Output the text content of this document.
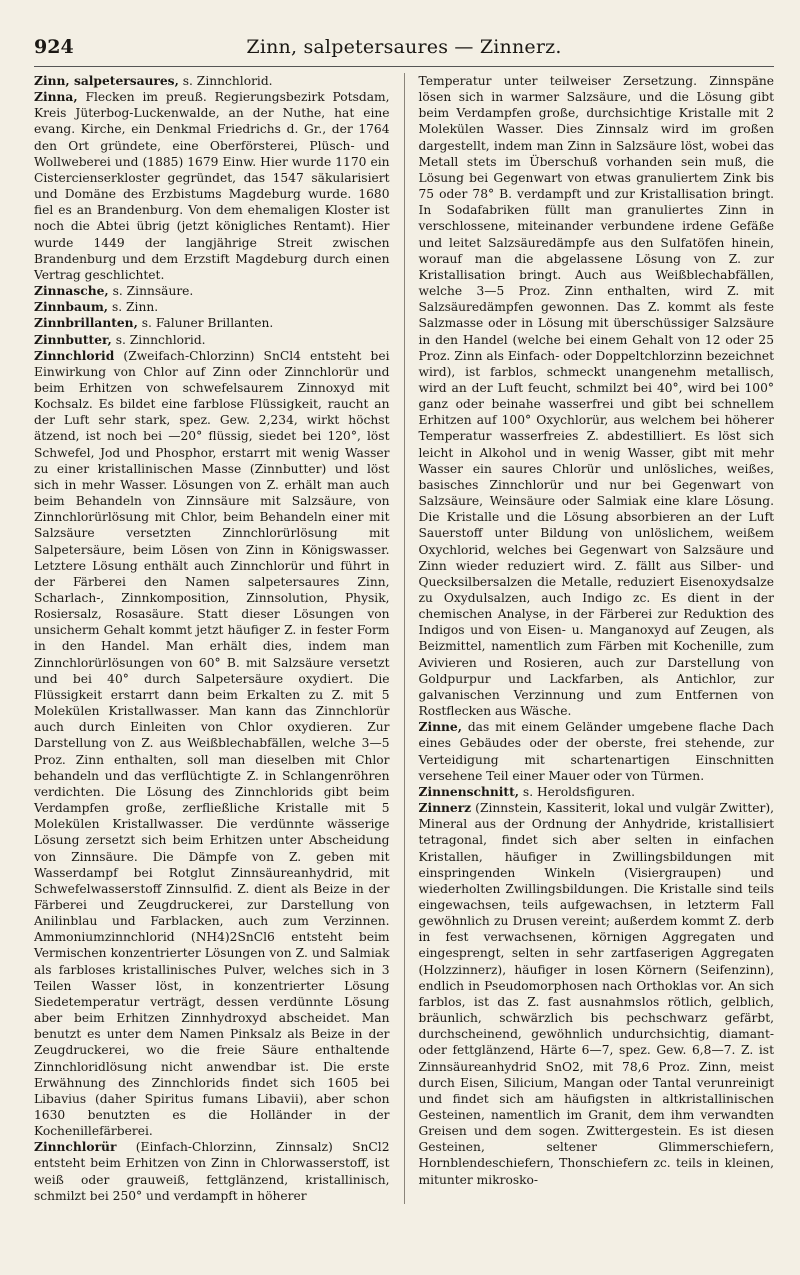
924	Zinn, salpetersaures — Zinnerz.

Zinn, salpetersaures, s. Zinnchlorid.

Zinna, Flecken im preuß. Regierungsbezirk Potsdam, Kreis Jüterbog-Luckenwalde, an der Nuthe, hat eine evang. Kirche, ein Denkmal Friedrichs d. Gr., der 1764 den Ort gründete, eine Oberförsterei, Plüsch- und Wollweberei und (1885) 1679 Einw. Hier wurde 1170 ein Cistercienserkloster gegründet, das 1547 säkularisiert und Domäne des Erzbistums Magdeburg wurde. 1680 fiel es an Brandenburg. Von dem ehemaligen Kloster ist noch die Abtei übrig (jetzt königliches Rentamt). Hier wurde 1449 der langjährige Streit zwischen Brandenburg und dem Erzstift Magdeburg durch einen Vertrag geschlichtet.

Zinnasche, s. Zinnsäure.

Zinnbaum, s. Zinn.

Zinnbrillanten, s. Faluner Brillanten.

Zinnbutter, s. Zinnchlorid.

Zinnchlorid (Zweifach-Chlorzinn) SnCl4 entsteht bei Einwirkung von Chlor auf Zinn oder Zinnchlorür und beim Erhitzen von schwefelsaurem Zinnoxyd mit Kochsalz. Es bildet eine farblose Flüssigkeit, raucht an der Luft sehr stark, spez. Gew. 2,234, wirkt höchst ätzend, ist noch bei —20° flüssig, siedet bei 120°, löst Schwefel, Jod und Phosphor, erstarrt mit wenig Wasser zu einer kristallinischen Masse (Zinnbutter) und löst sich in mehr Wasser. Lösungen von Z. erhält man auch beim Behandeln von Zinnsäure mit Salzsäure, von Zinnchlorürlösung mit Chlor, beim Behandeln einer mit Salzsäure versetzten Zinnchlorürlösung mit Salpetersäure, beim Lösen von Zinn in Königswasser. Letztere Lösung enthält auch Zinnchlorür und führt in der Färberei den Namen salpetersaures Zinn, Scharlach-, Zinnkomposition, Zinnsolution, Physik, Rosiersalz, Rosasäure. Statt dieser Lösungen von unsicherm Gehalt kommt jetzt häufiger Z. in fester Form in den Handel. Man erhält dies, indem man Zinnchlorürlösungen von 60° B. mit Salzsäure versetzt und bei 40° durch Salpetersäure oxydiert. Die Flüssigkeit erstarrt dann beim Erkalten zu Z. mit 5 Molekülen Kristallwasser. Man kann das Zinnchlorür auch durch Einleiten von Chlor oxydieren. Zur Darstellung von Z. aus Weißblechabfällen, welche 3—5 Proz. Zinn enthalten, soll man dieselben mit Chlor behandeln und das verflüchtigte Z. in Schlangenröhren verdichten. Die Lösung des Zinnchlorids gibt beim Verdampfen große, zerfließliche Kristalle mit 5 Molekülen Kristallwasser. Die verdünnte wässerige Lösung zersetzt sich beim Erhitzen unter Abscheidung von Zinnsäure. Die Dämpfe von Z. geben mit Wasserdampf bei Rotglut Zinnsäureanhydrid, mit Schwefelwasserstoff Zinnsulfid. Z. dient als Beize in der Färberei und Zeugdruckerei, zur Darstellung von Anilinblau und Farblacken, auch zum Verzinnen. Ammoniumzinnchlorid (NH4)2SnCl6 entsteht beim Vermischen konzentrierter Lösungen von Z. und Salmiak als farbloses kristallinisches Pulver, welches sich in 3 Teilen Wasser löst, in konzentrierter Lösung Siedetemperatur verträgt, dessen verdünnte Lösung aber beim Erhitzen Zinnhydroxyd abscheidet. Man benutzt es unter dem Namen Pinksalz als Beize in der Zeugdruckerei, wo die freie Säure enthaltende Zinnchloridlösung nicht anwendbar ist. Die erste Erwähnung des Zinnchlorids findet sich 1605 bei Libavius (daher Spiritus fumans Libavii), aber schon 1630 benutzten es die Holländer in der Kochenillefärberei.

Zinnchlorür (Einfach-Chlorzinn, Zinnsalz) SnCl2 entsteht beim Erhitzen von Zinn in Chlorwasserstoff, ist weiß oder grauweiß, fettglänzend, kristallinisch, schmilzt bei 250° und verdampft in höherer

Temperatur unter teilweiser Zersetzung. Zinnspäne lösen sich in warmer Salzsäure, und die Lösung gibt beim Verdampfen große, durchsichtige Kristalle mit 2 Molekülen Wasser. Dies Zinnsalz wird im großen dargestellt, indem man Zinn in Salzsäure löst, wobei das Metall stets im Überschuß vorhanden sein muß, die Lösung bei Gegenwart von etwas granuliertem Zink bis 75 oder 78° B. verdampft und zur Kristallisation bringt. In Sodafabriken füllt man granuliertes Zinn in verschlossene, miteinander verbundene irdene Gefäße und leitet Salzsäuredämpfe aus den Sulfatöfen hinein, worauf man die abgelassene Lösung von Z. zur Kristallisation bringt. Auch aus Weißblechabfällen, welche 3—5 Proz. Zinn enthalten, wird Z. mit Salzsäuredämpfen gewonnen. Das Z. kommt als feste Salzmasse oder in Lösung mit überschüssiger Salzsäure in den Handel (welche bei einem Gehalt von 12 oder 25 Proz. Zinn als Einfach- oder Doppeltchlorzinn bezeichnet wird), ist farblos, schmeckt unangenehm metallisch, wird an der Luft feucht, schmilzt bei 40°, wird bei 100° ganz oder beinahe wasserfrei und gibt bei schnellem Erhitzen auf 100° Oxychlorür, aus welchem bei höherer Temperatur wasserfreies Z. abdestilliert. Es löst sich leicht in Alkohol und in wenig Wasser, gibt mit mehr Wasser ein saures Chlorür und unlösliches, weißes, basisches Zinnchlorür und nur bei Gegenwart von Salzsäure, Weinsäure oder Salmiak eine klare Lösung. Die Kristalle und die Lösung absorbieren an der Luft Sauerstoff unter Bildung von unlöslichem, weißem Oxychlorid, welches bei Gegenwart von Salzsäure und Zinn wieder reduziert wird. Z. fällt aus Silber- und Quecksilbersalzen die Metalle, reduziert Eisenoxydsalze zu Oxydulsalzen, auch Indigo zc. Es dient in der chemischen Analyse, in der Färberei zur Reduktion des Indigos und von Eisen- u. Manganoxyd auf Zeugen, als Beizmittel, namentlich zum Färben mit Kochenille, zum Avivieren und Rosieren, auch zur Darstellung von Goldpurpur und Lackfarben, als Antichlor, zur galvanischen Verzinnung und zum Entfernen von Rostflecken aus Wäsche.

Zinne, das mit einem Geländer umgebene flache Dach eines Gebäudes oder der oberste, frei stehende, zur Verteidigung mit schartenartigen Einschnitten versehene Teil einer Mauer oder von Türmen.

Zinnenschnitt, s. Heroldsfiguren.

Zinnerz (Zinnstein, Kassiterit, lokal und vulgär Zwitter), Mineral aus der Ordnung der Anhydride, kristallisiert tetragonal, findet sich aber selten in einfachen Kristallen, häufiger in Zwillingsbildungen mit einspringenden Winkeln (Visiergraupen) und wiederholten Zwillingsbildungen. Die Kristalle sind teils eingewachsen, teils aufgewachsen, in letzterm Fall gewöhnlich zu Drusen vereint; außerdem kommt Z. derb in fest verwachsenen, körnigen Aggregaten und eingesprengt, selten in sehr zartfaserigen Aggregaten (Holzzinnerz), häufiger in losen Körnern (Seifenzinn), endlich in Pseudomorphosen nach Orthoklas vor. An sich farblos, ist das Z. fast ausnahmslos rötlich, gelblich, bräunlich, schwärzlich bis pechschwarz gefärbt, durchscheinend, gewöhnlich undurchsichtig, diamant- oder fettglänzend, Härte 6—7, spez. Gew. 6,8—7. Z. ist Zinnsäureanhydrid SnO2, mit 78,6 Proz. Zinn, meist durch Eisen, Silicium, Mangan oder Tantal verunreinigt und findet sich am häufigsten in altkristallinischen Gesteinen, namentlich im Granit, dem ihm verwandten Greisen und dem sogen. Zwittergestein. Es ist diesen Gesteinen, seltener Glimmerschiefern, Hornblendeschiefern, Thonschiefern zc. teils in kleinen, mitunter mikrosko-
